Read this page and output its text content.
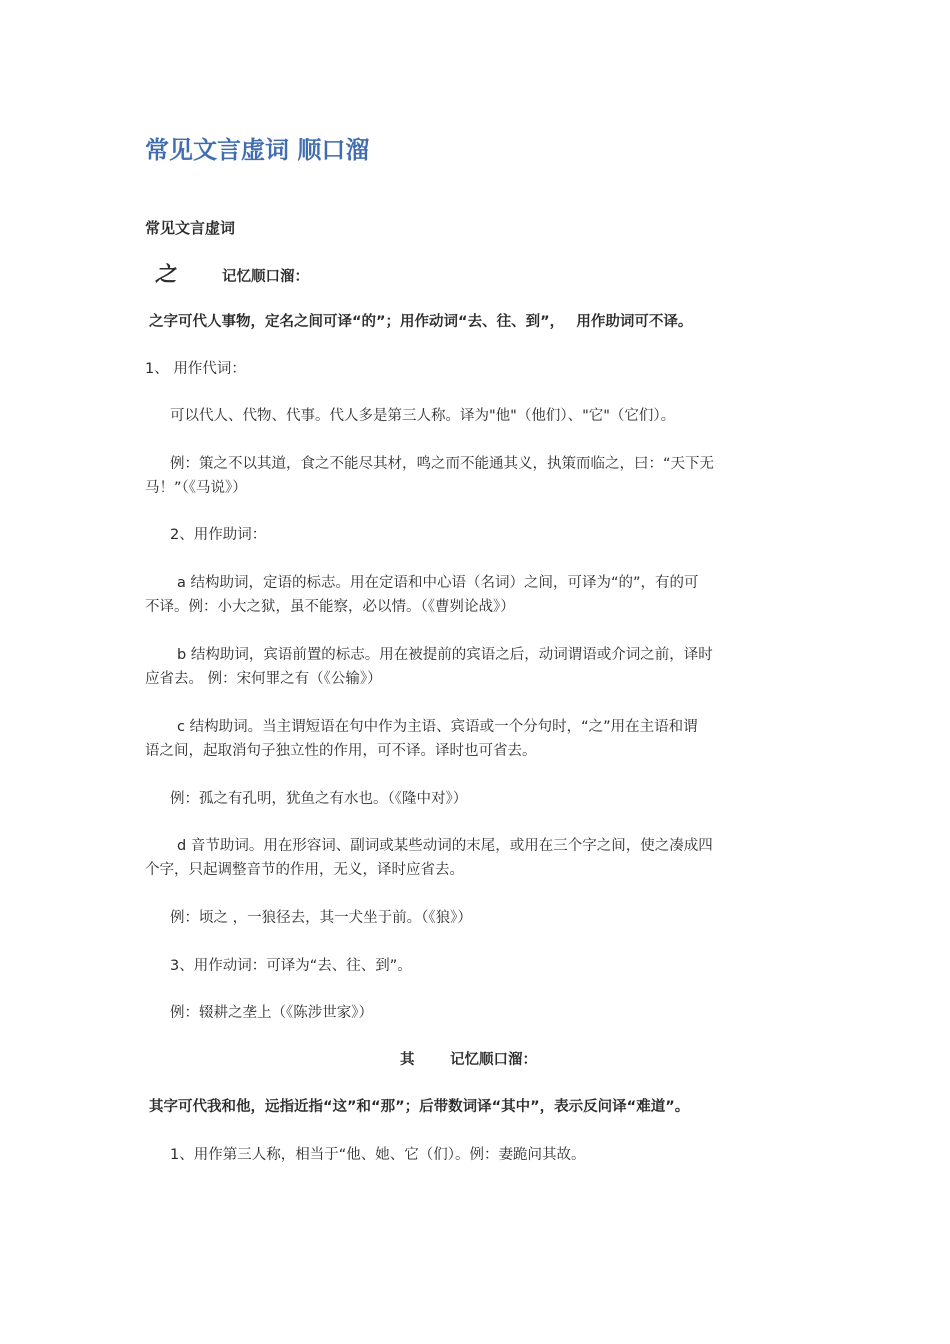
常见文言虚词 顺口溜
常见文言虚词
之	记忆顺口溜：
之字可代人事物，定名之间可译“的”；用作动词“去、往、到”，　 用作助词可不译。
1、 用作代词：
可以代人、代物、代事。代人多是第三人称。译为"他"（他们）、"它"（它们）。
例：策之不以其道，食之不能尽其材，鸣之而不能通其义，执策而临之，曰：“天下无
马！”（《马说》）
2、用作助词：
a 结构助词，定语的标志。用在定语和中心语（名词）之间，可译为“的”，有的可
不译。例：小大之狱，虽不能察，必以情。（《曹刿论战》）
b 结构助词，宾语前置的标志。用在被提前的宾语之后，动词谓语或介词之前，译时
应省去。 例：宋何罪之有（《公输》）
c 结构助词。当主谓短语在句中作为主语、宾语或一个分句时，“之”用在主语和谓
语之间，起取消句子独立性的作用，可不译。译时也可省去。
例：孤之有孔明，犹鱼之有水也。（《隆中对》）
d 音节助词。用在形容词、副词或某些动词的末尾，或用在三个字之间，使之凑成四
个字，只起调整音节的作用，无义，译时应省去。
例：顷之 ，一狼径去，其一犬坐于前。（《狼》）
3、用作动词：可译为“去、往、到”。
例：辍耕之垄上（《陈涉世家》）
其 记忆顺口溜：
其字可代我和他，远指近指“这”和“那”；后带数词译“其中”，表示反问译“难道”。
1、用作第三人称，相当于“他、她、它（们）。例：妻跪问其故。
